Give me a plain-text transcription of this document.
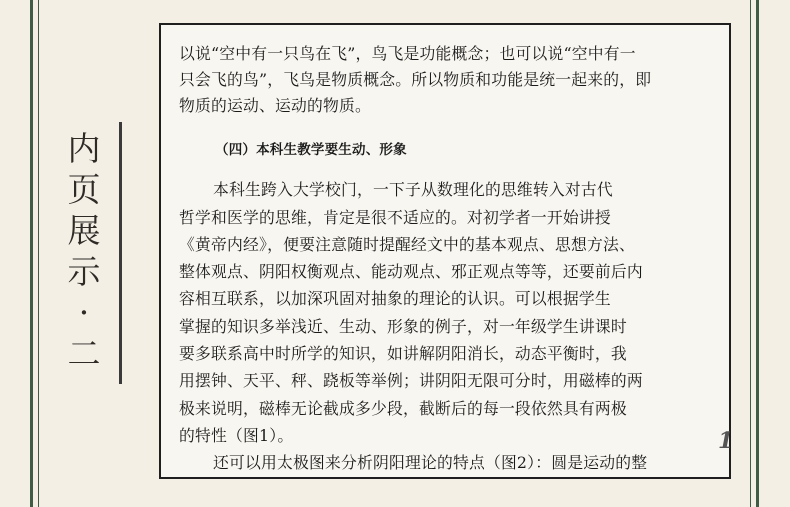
内
页
展
示
·
二
以说“空中有一只鸟在飞”，鸟飞是功能概念；也可以说“空中有一
只会飞的鸟”，飞鸟是物质概念。所以物质和功能是统一起来的，即
物质的运动、运动的物质。
（四）本科生教学要生动、形象
　　本科生跨入大学校门，一下子从数理化的思维转入对古代
哲学和医学的思维，肯定是很不适应的。对初学者一开始讲授
《黄帝内经》，便要注意随时提醒经文中的基本观点、思想方法、
整体观点、阴阳权衡观点、能动观点、邪正观点等等，还要前后内
容相互联系，以加深巩固对抽象的理论的认识。可以根据学生
掌握的知识多举浅近、生动、形象的例子，对一年级学生讲课时
要多联系高中时所学的知识，如讲解阴阳消长，动态平衡时，我
用摆钟、天平、秤、跷板等举例；讲阴阳无限可分时，用磁棒的两
极来说明，磁棒无论截成多少段，截断后的每一段依然具有两极
的特性（图1）。
　　还可以用太极图来分析阴阳理论的特点（图2）：圆是运动的整
1
